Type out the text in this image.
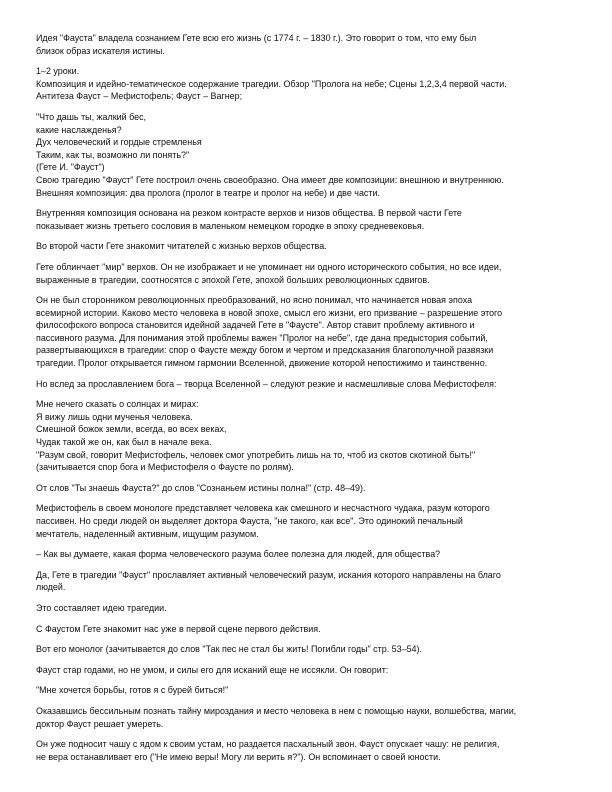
Идея "Фауста" владела сознанием Гете всю его жизнь (с 1774 г. – 1830 г.). Это говорит о том, что ему был
близок образ искателя истины.

1–2 уроки.
Композиция и идейно-тематическое содержание трагедии. Обзор "Пролога на небе; Сцены 1,2,3,4 первой части.
Антитеза Фауст – Мефистофель; Фауст – Вагнер;

"Что дашь ты, жалкий бес,
какие наслажденья?
Дух человеческий и гордые стремленья
Таким, как ты, возможно ли понять?"
(Гете И. "Фауст")
Свою трагедию "Фауст" Гете построил очень своеобразно. Она имеет две композиции: внешнюю и внутреннюю.
Внешняя композиция: два пролога (пролог в театре и пролог на небе) и две части.

Внутренняя композиция основана на резком контрасте верхов и низов общества. В первой части Гете
показывает жизнь третьего сословия в маленьком немецком городке в эпоху средневековья.

Во второй части Гете знакомит читателей с жизнью верхов общества.

Гете облинчает "мир" верхов. Он не изображает и не упоминает ни одного исторического события, но все идеи,
выраженные в трагедии, соотносятся с эпохой Гете, эпохой больших революционных сдвигов.

Он не был сторонником революционных преобразований, но ясно понимал, что начинается новая эпоха
всемирной истории. Каково место человека в новой эпохе, смысл его жизни, его призвание – разрешение этого
философского вопроса становится идейной задачей Гете в "Фаусте". Автор ставит проблему активного и
пассивного разума. Для понимания этой проблемы важен "Пролог на небе", где дана предыстория событий,
развертывающихся в трагедии: спор о Фаусте между богом и чертом и предсказания благополучной развязки
трагедии. Пролог открывается гимном гармонии Вселенной, движение которой непостижимо и таинственно.

Но вслед за прославлением бога – творца Вселенной – следуют резкие и насмешливые слова Мефистофеля:

Мне нечего сказать о солнцах и мирах:
Я вижу лишь одни мученья человека.
Смешной божок земли, всегда, во всех веках,
Чудак такой же он, как был в начале века.
"Разум свой, говорит Мефистофель, человек смог употребить лишь на то, чтоб из скотов скотиной быть!"
(зачитывается спор бога и Мефистофеля о Фаусте по ролям).

От слов "Ты знаешь Фауста?" до слов "Сознаньем истины полна!" (стр. 48–49).

Мефистофель в своем монологе представляет человека как смешного и несчастного чудака, разум которого
пассивен. Но среди людей он выделяет доктора Фауста, "не такого, как все". Это одинокий печальный
мечтатель, наделенный активным, ищущим разумом.

– Как вы думаете, какая форма человеческого разума более полезна для людей, для общества?

Да, Гете в трагедии "Фауст" прославляет активный человеческий разум, искания которого направлены на благо
людей.

Это составляет идею трагедии.

С Фаустом Гете знакомит нас уже в первой сцене первого действия.

Вот его монолог (зачитывается до слов "Так пес не стал бы жить! Погибли годы" стр. 53–54).

Фауст стар годами, но не умом, и силы его для исканий еще не иссякли. Он говорит:

"Мне хочется борьбы, готов я с бурей биться!"

Оказавшись бессильным познать тайну мироздания и место человека в нем с помощью науки, волшебства, магии,
доктор Фауст решает умереть.

Он уже подносит чашу с ядом к своим устам, но раздается пасхальный звон. Фауст опускает чашу: не религия,
не вера останавливает его ("Не имею веры! Могу ли верить я?"). Он вспоминает о своей юности.
